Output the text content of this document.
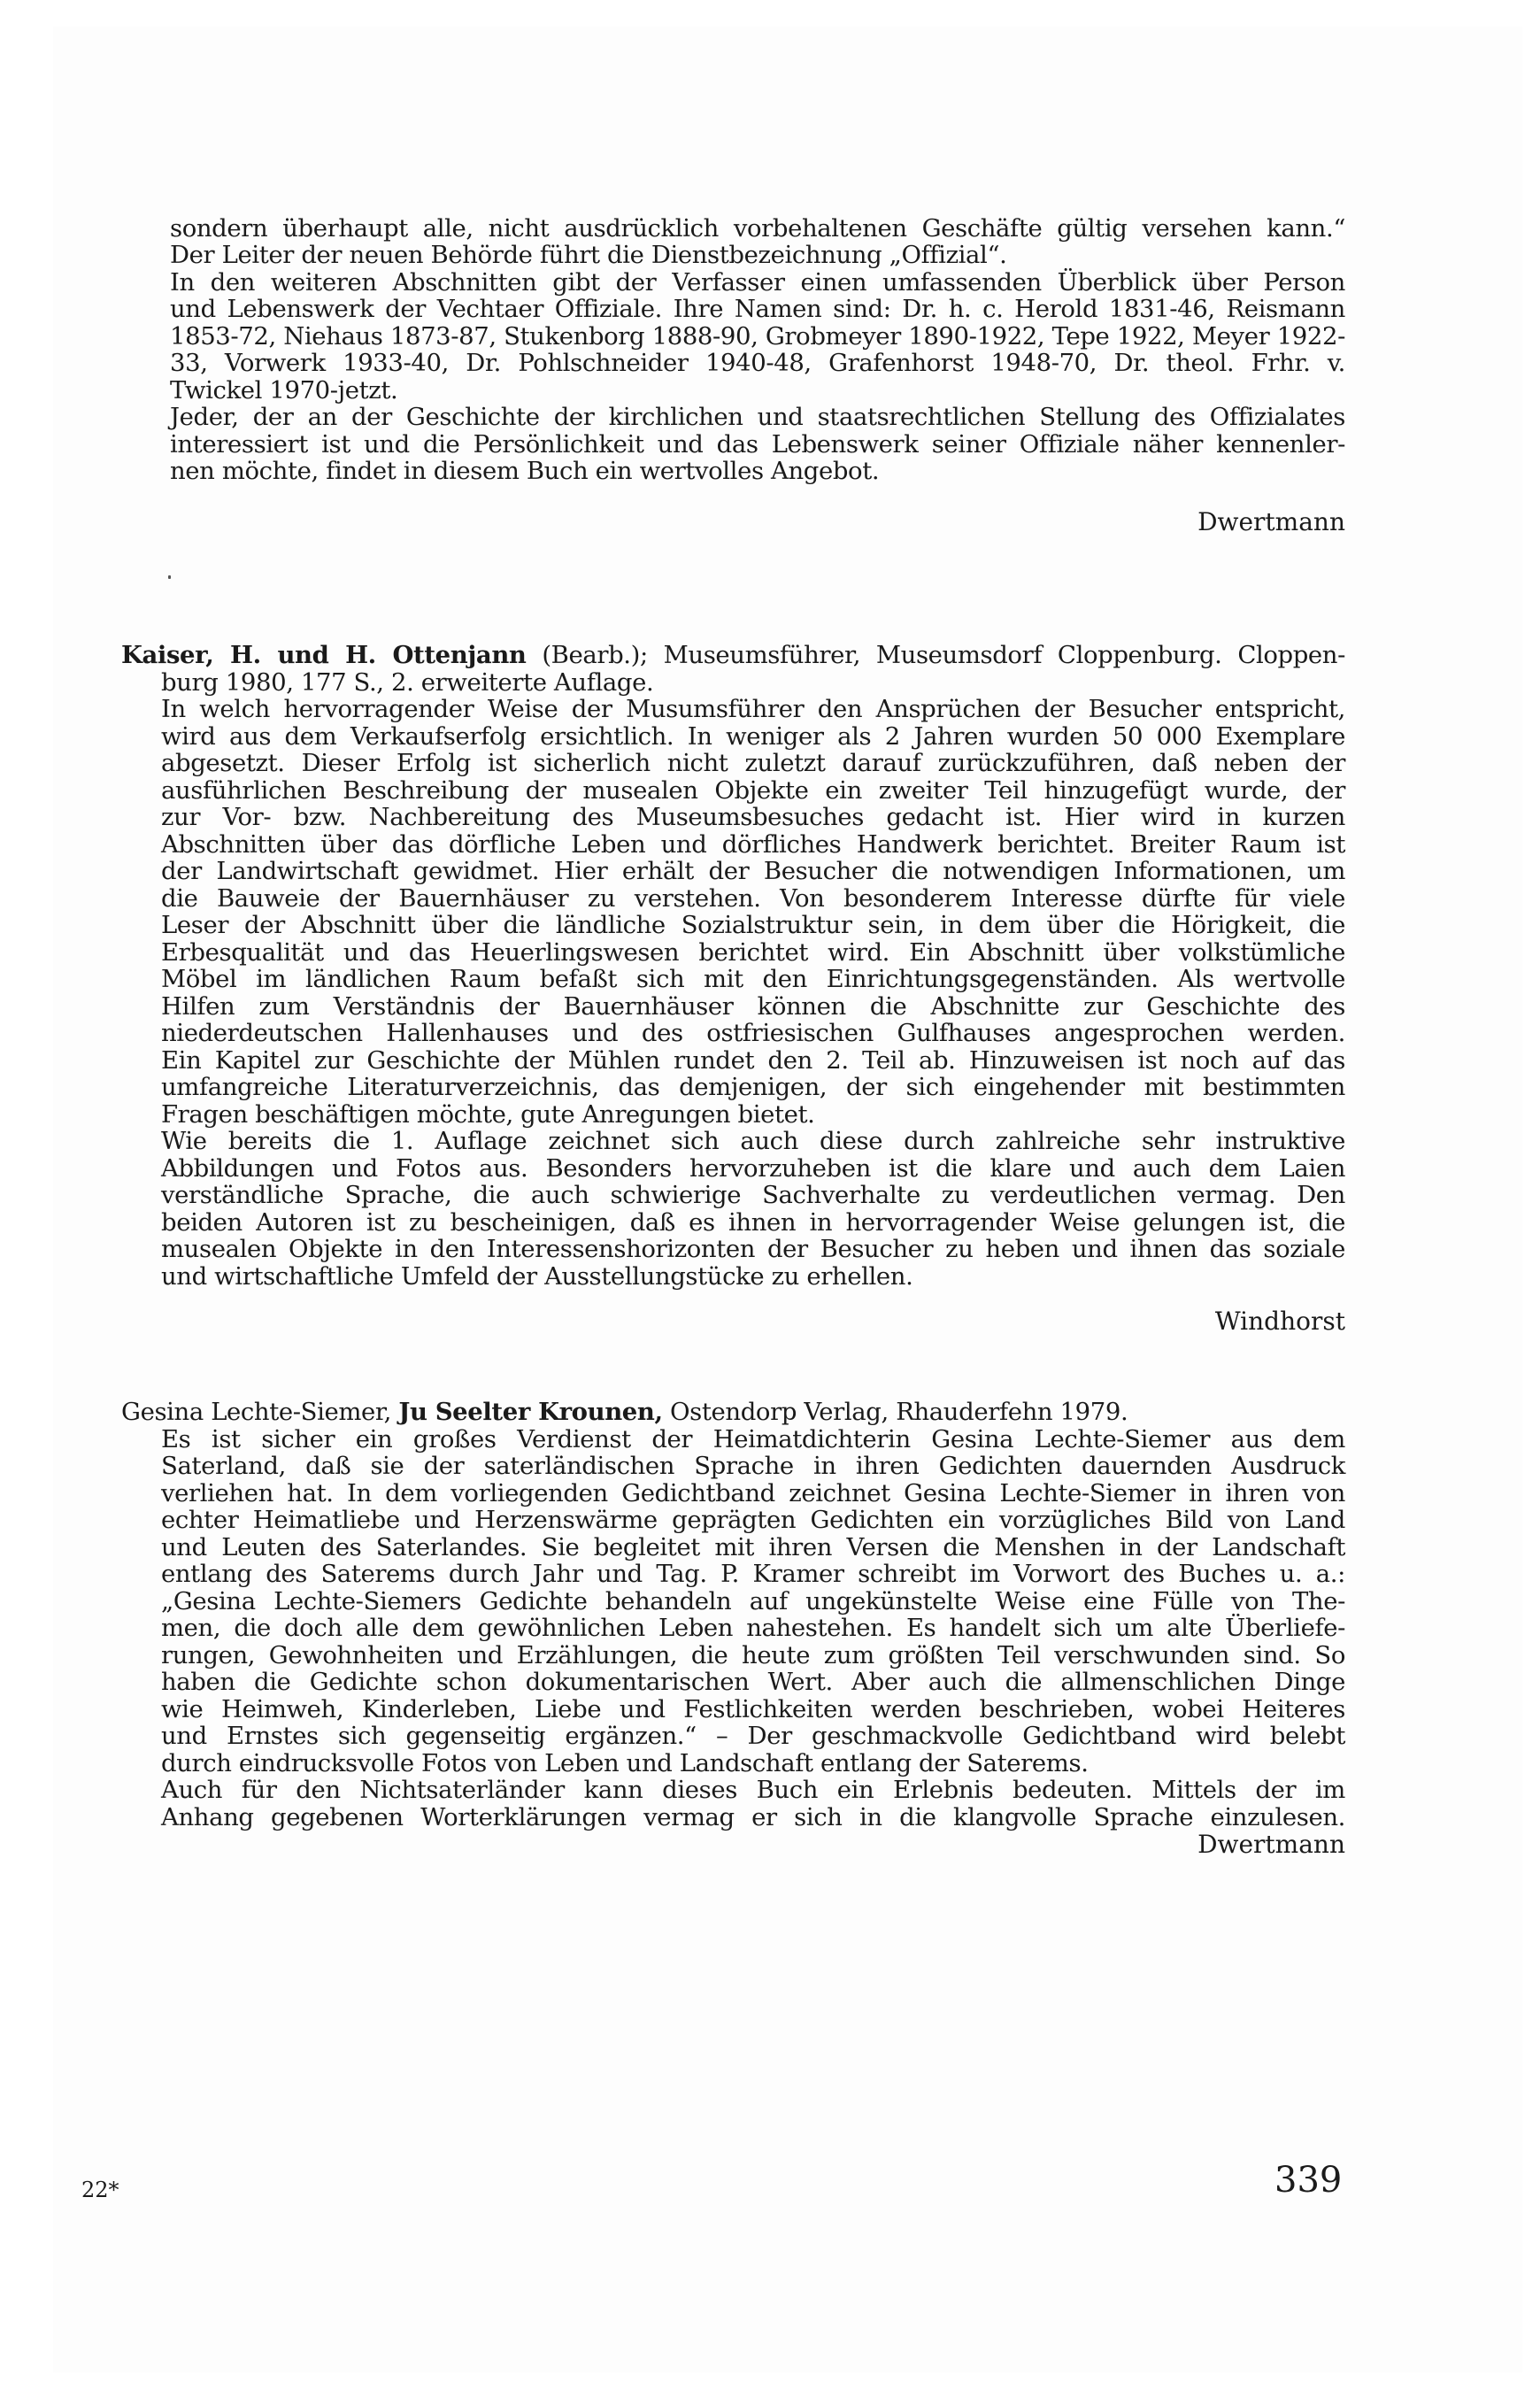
sondern überhaupt alle, nicht ausdrücklich vorbehaltenen Geschäfte gültig versehen kann.“
Der Leiter der neuen Behörde führt die Dienstbezeichnung „Offizial“.
In den weiteren Abschnitten gibt der Verfasser einen umfassenden Überblick über Person
und Lebenswerk der Vechtaer Offiziale. Ihre Namen sind: Dr. h. c. Herold 1831-46, Reismann
1853-72, Niehaus 1873-87, Stukenborg 1888-90, Grobmeyer 1890-1922, Tepe 1922, Meyer 1922-
33, Vorwerk 1933-40, Dr. Pohlschneider 1940-48, Grafenhorst 1948-70, Dr. theol. Frhr. v.
Twickel 1970-jetzt.
Jeder, der an der Geschichte der kirchlichen und staatsrechtlichen Stellung des Offizialates
interessiert ist und die Persönlichkeit und das Lebenswerk seiner Offiziale näher kennenler-
nen möchte, findet in diesem Buch ein wertvolles Angebot.
Dwertmann
Kaiser, H. und H. Ottenjann (Bearb.); Museumsführer, Museumsdorf Cloppenburg. Cloppen-
burg 1980, 177 S., 2. erweiterte Auflage.
In welch hervorragender Weise der Musumsführer den Ansprüchen der Besucher entspricht,
wird aus dem Verkaufserfolg ersichtlich. In weniger als 2 Jahren wurden 50 000 Exemplare
abgesetzt. Dieser Erfolg ist sicherlich nicht zuletzt darauf zurückzuführen, daß neben der
ausführlichen Beschreibung der musealen Objekte ein zweiter Teil hinzugefügt wurde, der
zur Vor- bzw. Nachbereitung des Museumsbesuches gedacht ist. Hier wird in kurzen
Abschnitten über das dörfliche Leben und dörfliches Handwerk berichtet. Breiter Raum ist
der Landwirtschaft gewidmet. Hier erhält der Besucher die notwendigen Informationen, um
die Bauweie der Bauernhäuser zu verstehen. Von besonderem Interesse dürfte für viele
Leser der Abschnitt über die ländliche Sozialstruktur sein, in dem über die Hörigkeit, die
Erbesqualität und das Heuerlingswesen berichtet wird. Ein Abschnitt über volkstümliche
Möbel im ländlichen Raum befaßt sich mit den Einrichtungsgegenständen. Als wertvolle
Hilfen zum Verständnis der Bauernhäuser können die Abschnitte zur Geschichte des
niederdeutschen Hallenhauses und des ostfriesischen Gulfhauses angesprochen werden.
Ein Kapitel zur Geschichte der Mühlen rundet den 2. Teil ab. Hinzuweisen ist noch auf das
umfangreiche Literaturverzeichnis, das demjenigen, der sich eingehender mit bestimmten
Fragen beschäftigen möchte, gute Anregungen bietet.
Wie bereits die 1. Auflage zeichnet sich auch diese durch zahlreiche sehr instruktive
Abbildungen und Fotos aus. Besonders hervorzuheben ist die klare und auch dem Laien
verständliche Sprache, die auch schwierige Sachverhalte zu verdeutlichen vermag. Den
beiden Autoren ist zu bescheinigen, daß es ihnen in hervorragender Weise gelungen ist, die
musealen Objekte in den Interessenshorizonten der Besucher zu heben und ihnen das soziale
und wirtschaftliche Umfeld der Ausstellungstücke zu erhellen.
Windhorst
Gesina Lechte-Siemer, Ju Seelter Krounen, Ostendorp Verlag, Rhauderfehn 1979.
Es ist sicher ein großes Verdienst der Heimatdichterin Gesina Lechte-Siemer aus dem
Saterland, daß sie der saterländischen Sprache in ihren Gedichten dauernden Ausdruck
verliehen hat. In dem vorliegenden Gedichtband zeichnet Gesina Lechte-Siemer in ihren von
echter Heimatliebe und Herzenswärme geprägten Gedichten ein vorzügliches Bild von Land
und Leuten des Saterlandes. Sie begleitet mit ihren Versen die Menshen in der Landschaft
entlang des Saterems durch Jahr und Tag. P. Kramer schreibt im Vorwort des Buches u. a.:
„Gesina Lechte-Siemers Gedichte behandeln auf ungekünstelte Weise eine Fülle von The-
men, die doch alle dem gewöhnlichen Leben nahestehen. Es handelt sich um alte Überliefe-
rungen, Gewohnheiten und Erzählungen, die heute zum größten Teil verschwunden sind. So
haben die Gedichte schon dokumentarischen Wert. Aber auch die allmenschlichen Dinge
wie Heimweh, Kinderleben, Liebe und Festlichkeiten werden beschrieben, wobei Heiteres
und Ernstes sich gegenseitig ergänzen.“ – Der geschmackvolle Gedichtband wird belebt
durch eindrucksvolle Fotos von Leben und Landschaft entlang der Saterems.
Auch für den Nichtsaterländer kann dieses Buch ein Erlebnis bedeuten. Mittels der im
Anhang gegebenen Worterklärungen vermag er sich in die klangvolle Sprache einzulesen.
Dwertmann
22*	339
